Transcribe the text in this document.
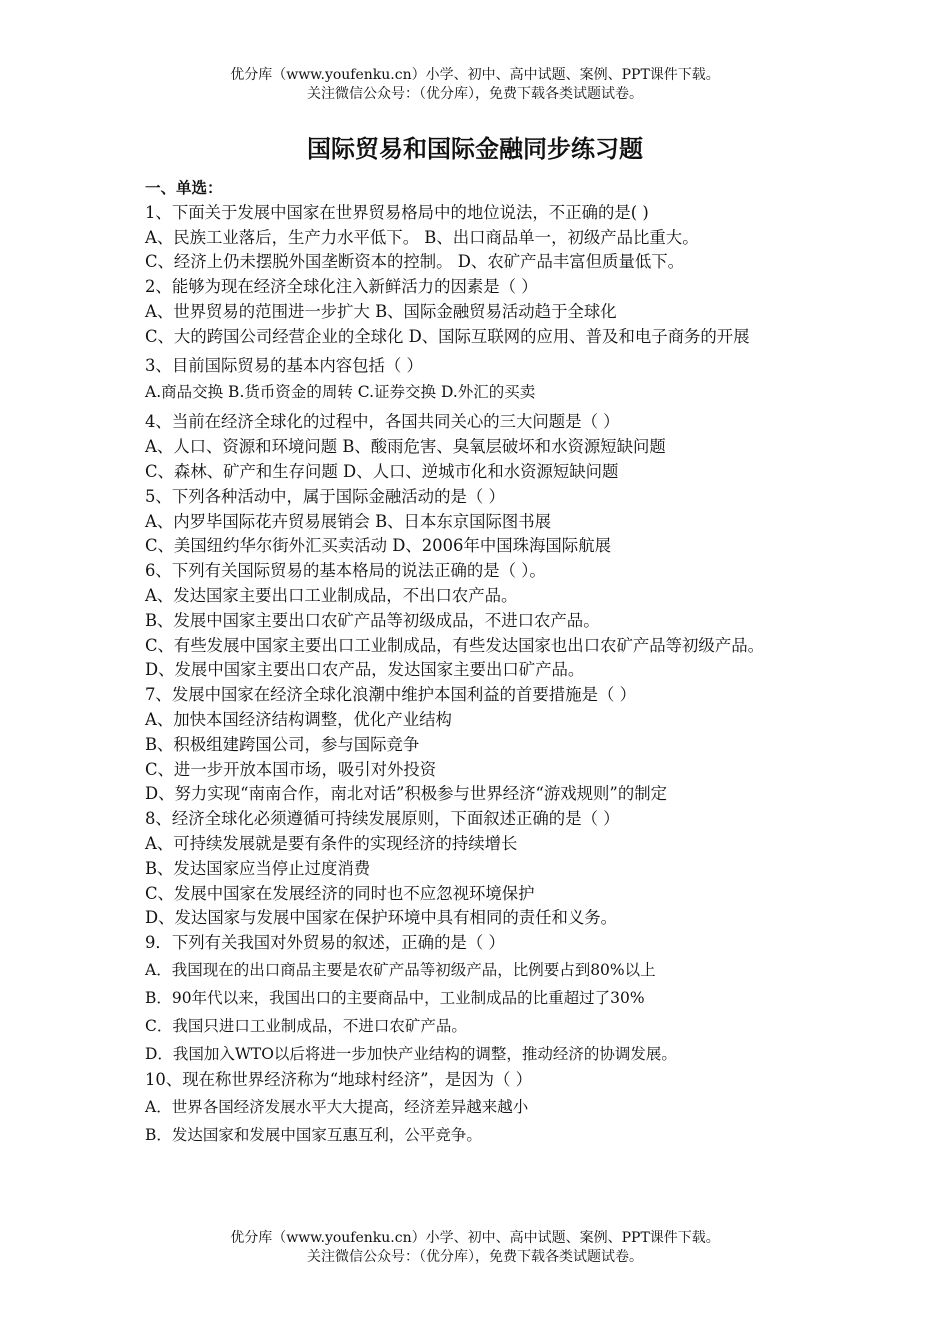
优分库（www.youfenku.cn）小学、初中、高中试题、案例、PPT课件下载。
关注微信公众号：（优分库），免费下载各类试题试卷。
国际贸易和国际金融同步练习题
一、单选：
1、下面关于发展中国家在世界贸易格局中的地位说法，不正确的是( )
A、民族工业落后，生产力水平低下。 B、出口商品单一，初级产品比重大。
C、经济上仍未摆脱外国垄断资本的控制。 D、农矿产品丰富但质量低下。
2、能够为现在经济全球化注入新鲜活力的因素是（ ）
A、世界贸易的范围进一步扩大 B、国际金融贸易活动趋于全球化
C、大的跨国公司经营企业的全球化 D、国际互联网的应用、普及和电子商务的开展
3、目前国际贸易的基本内容包括（ ）
A.商品交换 B.货币资金的周转 C.证券交换 D.外汇的买卖
4、当前在经济全球化的过程中，各国共同关心的三大问题是（ ）
A、人口、资源和环境问题 B、酸雨危害、臭氧层破坏和水资源短缺问题
C、森林、矿产和生存问题 D、人口、逆城市化和水资源短缺问题
5、下列各种活动中，属于国际金融活动的是（ ）
A、内罗毕国际花卉贸易展销会 B、日本东京国际图书展
C、美国纽约华尔街外汇买卖活动 D、2006年中国珠海国际航展
6、下列有关国际贸易的基本格局的说法正确的是（ ）。
A、发达国家主要出口工业制成品，不出口农产品。
B、发展中国家主要出口农矿产品等初级成品，不进口农产品。
C、有些发展中国家主要出口工业制成品，有些发达国家也出口农矿产品等初级产品。
D、发展中国家主要出口农产品，发达国家主要出口矿产品。
7、发展中国家在经济全球化浪潮中维护本国利益的首要措施是（ ）
A、加快本国经济结构调整，优化产业结构
B、积极组建跨国公司，参与国际竞争
C、进一步开放本国市场，吸引对外投资
D、努力实现“南南合作，南北对话”积极参与世界经济“游戏规则”的制定
8、经济全球化必须遵循可持续发展原则，下面叙述正确的是（ ）
A、可持续发展就是要有条件的实现经济的持续增长
B、发达国家应当停止过度消费
C、发展中国家在发展经济的同时也不应忽视环境保护
D、发达国家与发展中国家在保护环境中具有相同的责任和义务。
9．下列有关我国对外贸易的叙述，正确的是（ ）
A．我国现在的出口商品主要是农矿产品等初级产品，比例要占到80%以上
B．90年代以来，我国出口的主要商品中，工业制成品的比重超过了30%
C．我国只进口工业制成品，不进口农矿产品。
D．我国加入WTO以后将进一步加快产业结构的调整，推动经济的协调发展。
10、现在称世界经济称为“地球村经济”，是因为（ ）
A．世界各国经济发展水平大大提高，经济差异越来越小
B．发达国家和发展中国家互惠互利，公平竞争。
优分库（www.youfenku.cn）小学、初中、高中试题、案例、PPT课件下载。
关注微信公众号：（优分库），免费下载各类试题试卷。
